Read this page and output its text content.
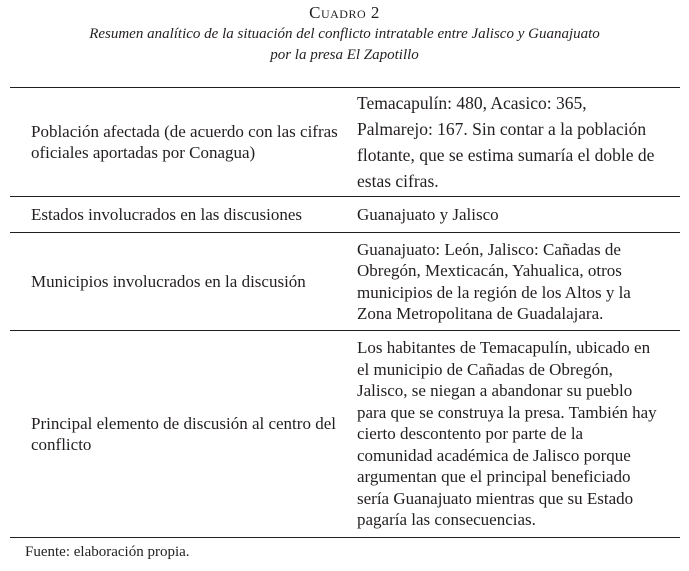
Cuadro 2
Resumen analítico de la situación del conflicto intratable entre Jalisco y Guanajuato
por la presa El Zapotillo
Población afectada (de acuerdo con las cifras oficiales aportadas por Conagua)
Temacapulín: 480, Acasico: 365, Palmarejo: 167. Sin contar a la población flotante, que se estima sumaría el doble de estas cifras.
Estados involucrados en las discusiones	Guanajuato y Jalisco
Municipios involucrados en la discusión
Guanajuato: León, Jalisco: Cañadas de Obregón, Mexticacán, Yahualica, otros municipios de la región de los Altos y la Zona Metropolitana de Guadalajara.
Principal elemento de discusión al centro del conflicto
Los habitantes de Temacapulín, ubicado en el municipio de Cañadas de Obregón, Jalisco, se niegan a abandonar su pueblo para que se construya la presa. También hay cierto descontento por parte de la comunidad académica de Jalisco porque argumentan que el principal beneficiado sería Guanajuato mientras que su Estado pagaría las consecuencias.
Fuente: elaboración propia.
